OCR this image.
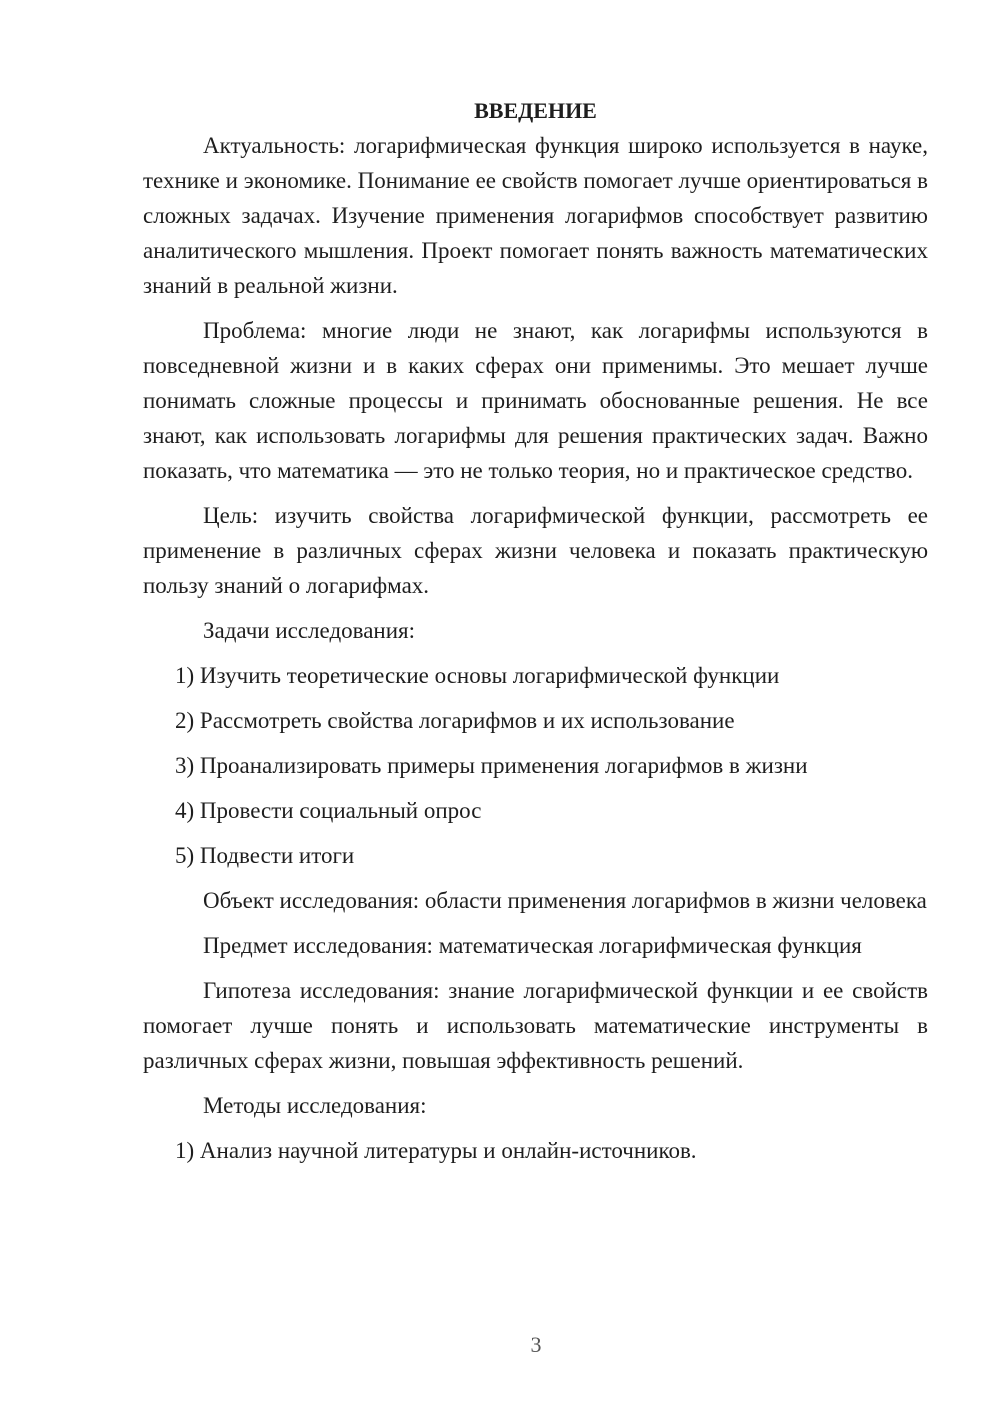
ВВЕДЕНИЕ

Актуальность: логарифмическая функция широко используется в науке, технике и экономике. Понимание ее свойств помогает лучше ориентироваться в сложных задачах. Изучение применения логарифмов способствует развитию аналитического мышления. Проект помогает понять важность математических знаний в реальной жизни.

Проблема: многие люди не знают, как логарифмы используются в повседневной жизни и в каких сферах они применимы. Это мешает лучше понимать сложные процессы и принимать обоснованные решения. Не все знают, как использовать логарифмы для решения практических задач. Важно показать, что математика — это не только теория, но и практическое средство.

Цель: изучить свойства логарифмической функции, рассмотреть ее применение в различных сферах жизни человека и показать практическую пользу знаний о логарифмах.

Задачи исследования:

1) Изучить теоретические основы логарифмической функции

2) Рассмотреть свойства логарифмов и их использование

3) Проанализировать примеры применения логарифмов в жизни

4) Провести социальный опрос

5) Подвести итоги

Объект исследования: области применения логарифмов в жизни человека

Предмет исследования: математическая логарифмическая функция

Гипотеза исследования: знание логарифмической функции и ее свойств помогает лучше понять и использовать математические инструменты в различных сферах жизни, повышая эффективность решений.

Методы исследования:

1) Анализ научной литературы и онлайн-источников.

3
